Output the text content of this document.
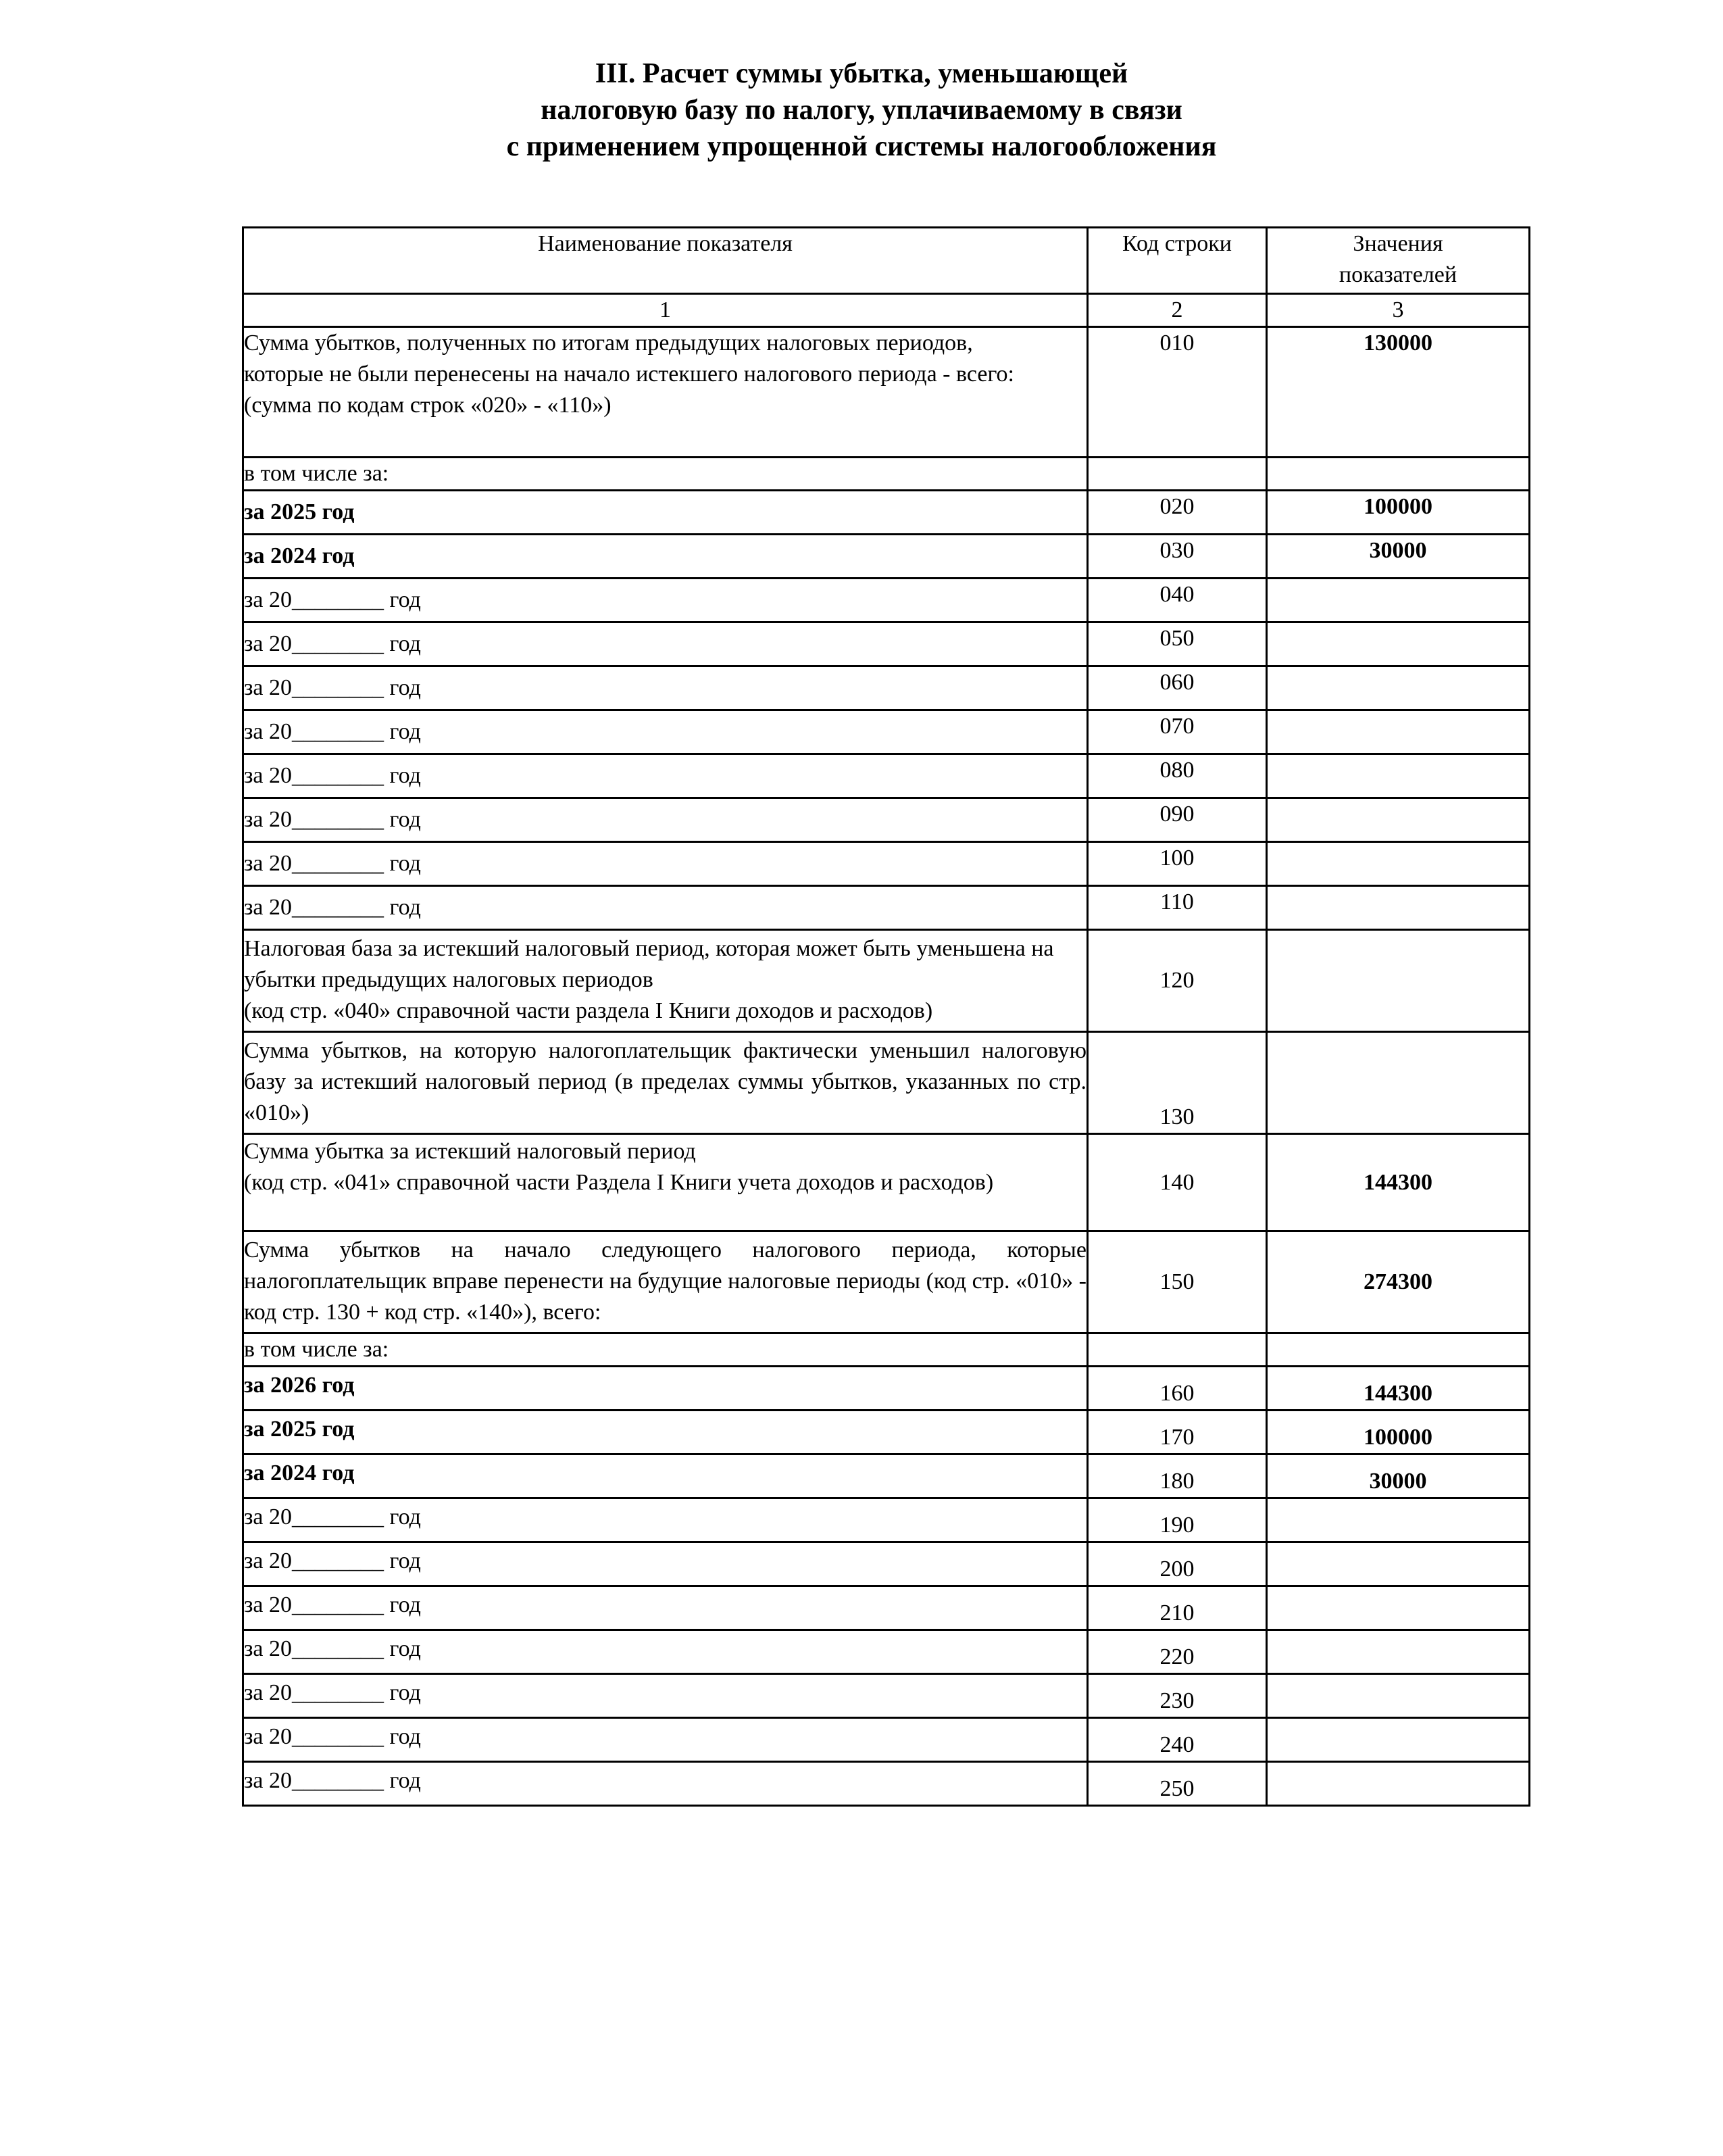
III. Расчет суммы убытка, уменьшающей
налоговую базу по налогу, уплачиваемому в связи
с применением упрощенной системы налогообложения
Наименование показателя	Код строки	Значения показателей
1	2	3

Сумма убытков, полученных по итогам предыдущих налоговых периодов, которые не были перенесены на начало истекшего налогового периода - всего:
(сумма по кодам строк «020» - «110»)	010	130000
в том числе за:		
за 2025 год	020	100000
за 2024 год	030	30000
за 20________ год	040	
за 20________ год	050	
за 20________ год	060	
за 20________ год	070	
за 20________ год	080	
за 20________ год	090	
за 20________ год	100	
за 20________ год	110	

Налоговая база за истекший налоговый период, которая может быть уменьшена на убытки предыдущих налоговых периодов
(код стр. «040» справочной части раздела I Книги доходов и расходов)	120	
Сумма убытков, на которую налогоплательщик фактически уменьшил налоговую базу за истекший налоговый период (в пределах суммы убытков, указанных по стр. «010»)	130	

Сумма убытка за истекший налоговый период
(код стр. «041» справочной части Раздела I Книги учета доходов и расходов)	140	144300
Сумма убытков на начало следующего налогового периода, которые налогоплательщик вправе перенести на будущие налоговые периоды (код стр. «010» - код стр. 130 + код стр. «140»), всего:	150	274300
в том числе за:		
за 2026 год	160	144300
за 2025 год	170	100000
за 2024 год	180	30000
за 20________ год	190	
за 20________ год	200	
за 20________ год	210	
за 20________ год	220	
за 20________ год	230	
за 20________ год	240	
за 20________ год	250	
